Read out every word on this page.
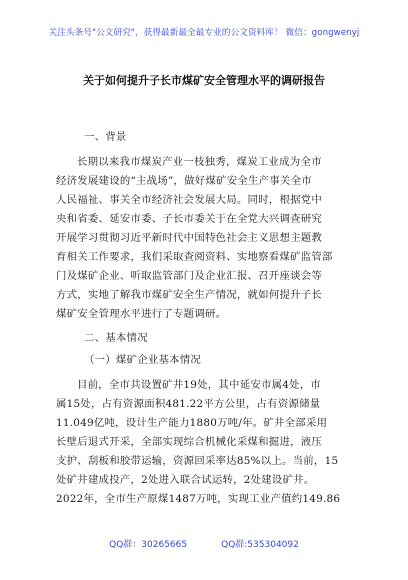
关注头条号"公文研究"，获得最新最全最专业的公文资料库！ 微信：gongwenyj
关于如何提升子长市煤矿安全管理水平的调研报告
一、背景
长期以来我市煤炭产业一枝独秀，煤炭工业成为全市
经济发展建设的“主战场”，做好煤矿安全生产事关全市
人民福祉、事关全市经济社会发展大局。同时，根据党中
央和省委、延安市委、子长市委关于在全党大兴调查研究
开展学习贯彻习近平新时代中国特色社会主义思想主题教
育相关工作要求，我们采取查阅资料、实地察看煤矿监管部
门及煤矿企业、听取监管部门及企业汇报、召开座谈会等
方式，实地了解我市煤矿安全生产情况，就如何提升子长
煤矿安全管理水平进行了专题调研。
二、基本情况
（一）煤矿企业基本情况
目前，全市共设置矿井19处，其中延安市属4处，市
属15处，占有资源面积481.22平方公里，占有资源储量
11.049亿吨，设计生产能力1880万吨/年。矿井全部采用
长壁后退式开采，全部实现综合机械化采煤和掘进，液压
支护、刮板和胶带运输，资源回采率达85%以上。当前，15
处矿井建成投产，2处进入联合试运转，2处建设矿井。
2022年，全市生产原煤1487万吨，实现工业产值约149.86
QQ群：30265665	QQ群:535304092
